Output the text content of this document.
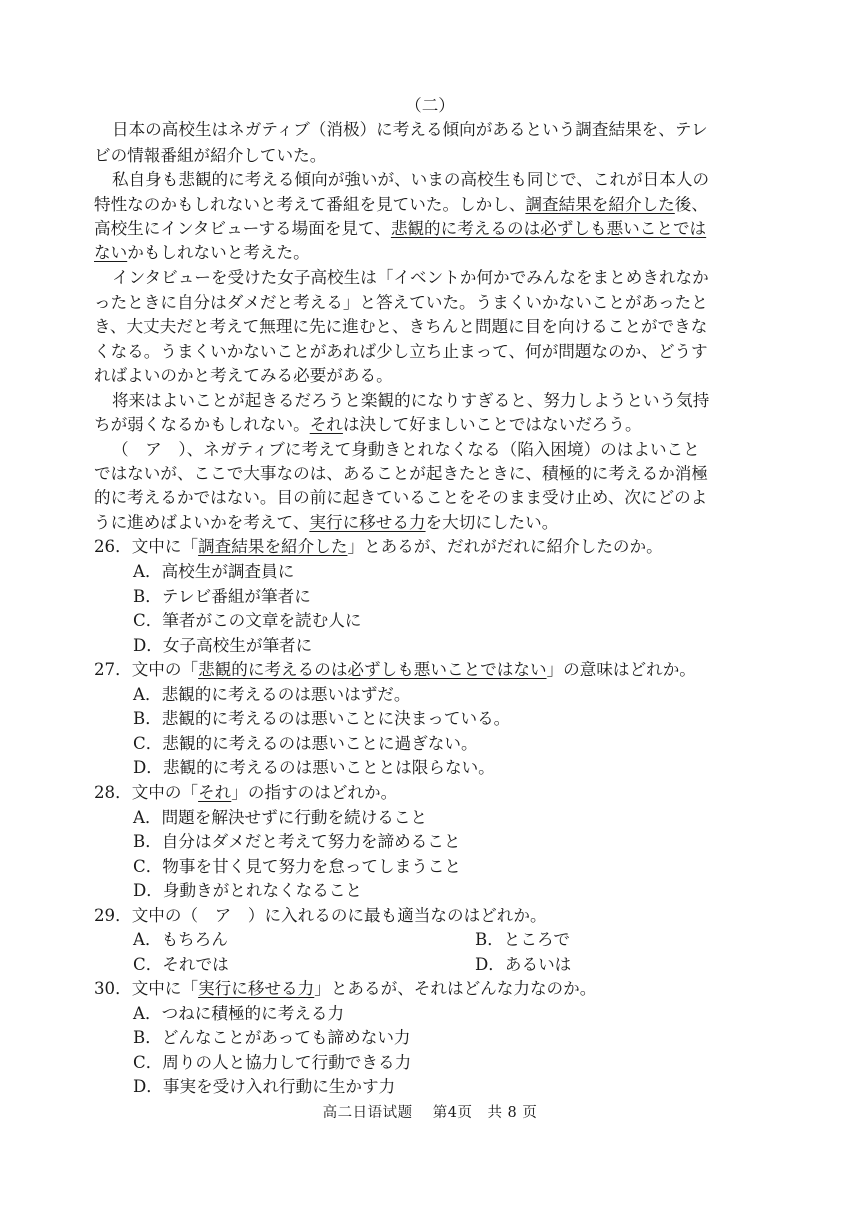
（二）
日本の高校生はネガティブ（消极）に考える傾向があるという調査結果を、テレ
ビの情報番組が紹介していた。
私自身も悲観的に考える傾向が強いが、いまの高校生も同じで、これが日本人の
特性なのかもしれないと考えて番組を見ていた。しかし、調査結果を紹介した後、
高校生にインタビューする場面を見て、悲観的に考えるのは必ずしも悪いことでは
ないかもしれないと考えた。
インタビューを受けた女子高校生は「イベントか何かでみんなをまとめきれなか
ったときに自分はダメだと考える」と答えていた。うまくいかないことがあったと
き、大丈夫だと考えて無理に先に進むと、きちんと問題に目を向けることができな
くなる。うまくいかないことがあれば少し立ち止まって、何が問題なのか、どうす
ればよいのかと考えてみる必要がある。
将来はよいことが起きるだろうと楽観的になりすぎると、努力しようという気持
ちが弱くなるかもしれない。それは決して好ましいことではないだろう。
（　ア　）、ネガティブに考えて身動きとれなくなる（陷入困境）のはよいこと
ではないが、ここで大事なのは、あることが起きたときに、積極的に考えるか消極
的に考えるかではない。目の前に起きていることをそのまま受け止め、次にどのよ
うに進めばよいかを考えて、実行に移せる力を大切にしたい。
26．文中に「調査結果を紹介した」とあるが、だれがだれに紹介したのか。
A．高校生が調査員に
B．テレビ番組が筆者に
C．筆者がこの文章を読む人に
D．女子高校生が筆者に
27．文中の「悲観的に考えるのは必ずしも悪いことではない」の意味はどれか。
A．悲観的に考えるのは悪いはずだ。
B．悲観的に考えるのは悪いことに決まっている。
C．悲観的に考えるのは悪いことに過ぎない。
D．悲観的に考えるのは悪いこととは限らない。
28．文中の「それ」の指すのはどれか。
A．問題を解決せずに行動を続けること
B．自分はダメだと考えて努力を諦めること
C．物事を甘く見て努力を怠ってしまうこと
D．身動きがとれなくなること
29．文中の（　ア　）に入れるのに最も適当なのはどれか。
A．もちろん	B．ところで
C．それでは	D．あるいは
30．文中に「実行に移せる力」とあるが、それはどんな力なのか。
A．つねに積極的に考える力
B．どんなことがあっても諦めない力
C．周りの人と協力して行動できる力
D．事実を受け入れ行動に生かす力
高二日语试题　 第4页　共 8 页
